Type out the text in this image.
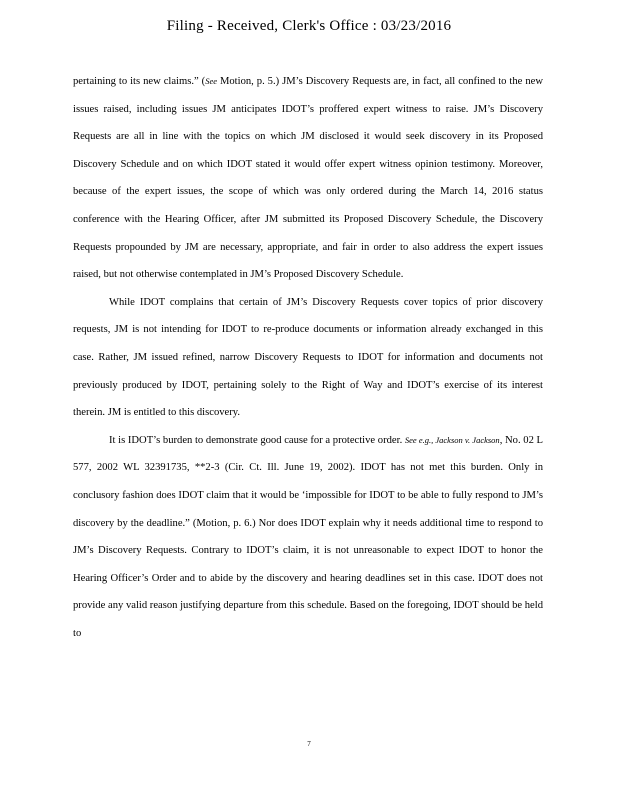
Filing - Received, Clerk's Office : 03/23/2016

pertaining to its new claims.” (See Motion, p. 5.) JM’s Discovery Requests are, in fact, all confined to the new issues raised, including issues JM anticipates IDOT’s proffered expert witness to raise. JM’s Discovery Requests are all in line with the topics on which JM disclosed it would seek discovery in its Proposed Discovery Schedule and on which IDOT stated it would offer expert witness opinion testimony. Moreover, because of the expert issues, the scope of which was only ordered during the March 14, 2016 status conference with the Hearing Officer, after JM submitted its Proposed Discovery Schedule, the Discovery Requests propounded by JM are necessary, appropriate, and fair in order to also address the expert issues raised, but not otherwise contemplated in JM’s Proposed Discovery Schedule.

While IDOT complains that certain of JM’s Discovery Requests cover topics of prior discovery requests, JM is not intending for IDOT to re-produce documents or information already exchanged in this case. Rather, JM issued refined, narrow Discovery Requests to IDOT for information and documents not previously produced by IDOT, pertaining solely to the Right of Way and IDOT’s exercise of its interest therein. JM is entitled to this discovery.

It is IDOT’s burden to demonstrate good cause for a protective order. See e.g., Jackson v. Jackson, No. 02 L 577, 2002 WL 32391735, **2-3 (Cir. Ct. Ill. June 19, 2002). IDOT has not met this burden. Only in conclusory fashion does IDOT claim that it would be ‘impossible for IDOT to be able to fully respond to JM’s discovery by the deadline.” (Motion, p. 6.) Nor does IDOT explain why it needs additional time to respond to JM’s Discovery Requests. Contrary to IDOT’s claim, it is not unreasonable to expect IDOT to honor the Hearing Officer’s Order and to abide by the discovery and hearing deadlines set in this case. IDOT does not provide any valid reason justifying departure from this schedule. Based on the foregoing, IDOT should be held to

7
